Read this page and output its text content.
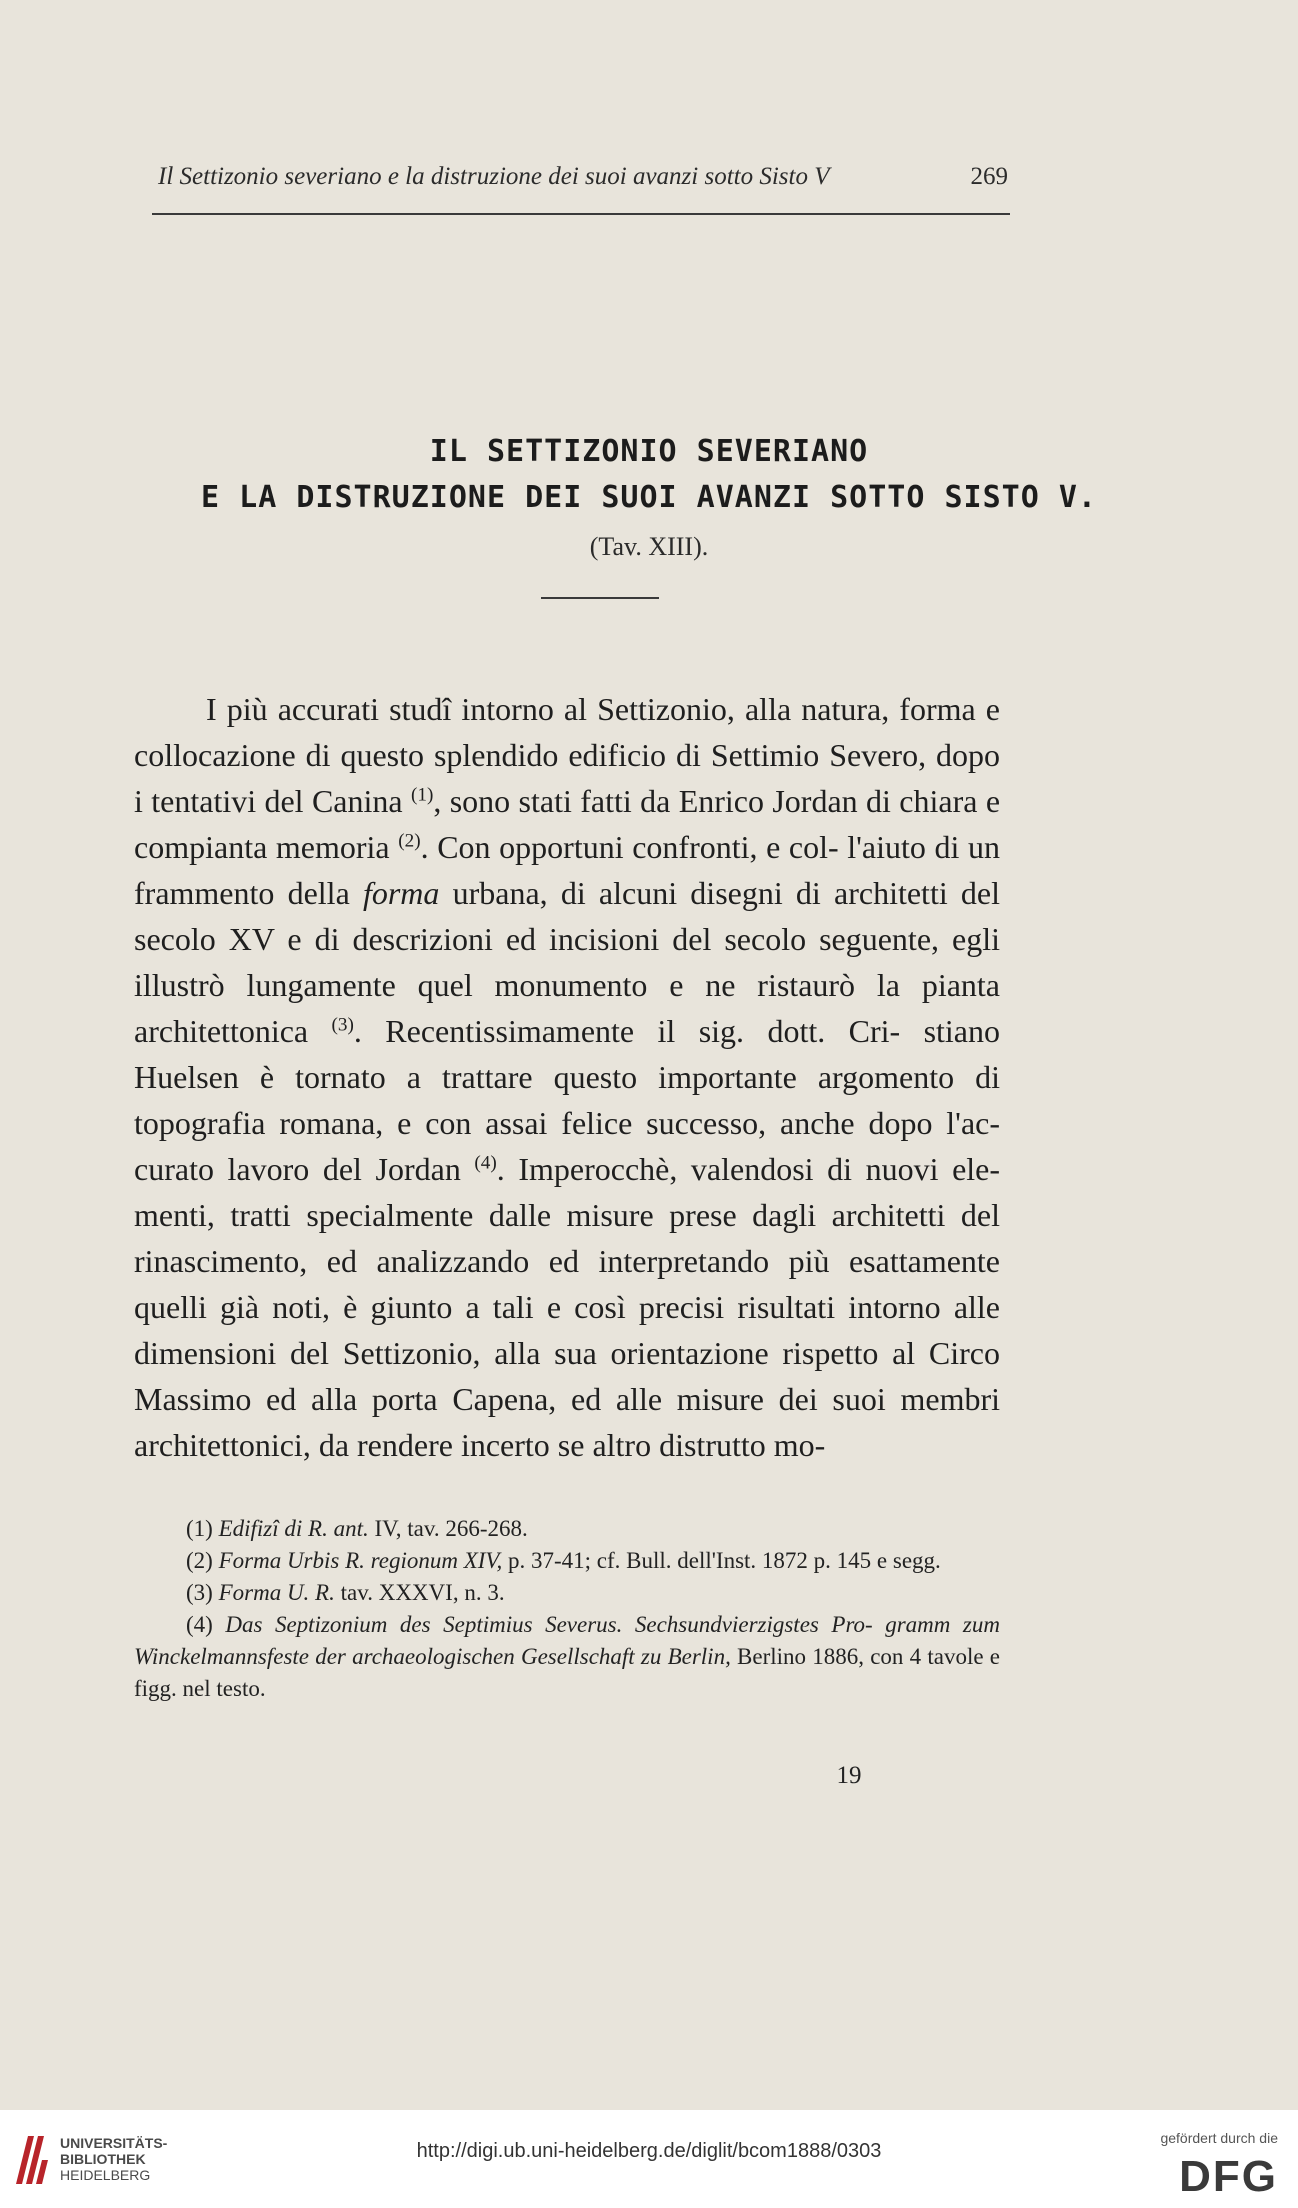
Il Settizonio severiano e la distruzione dei suoi avanzi sotto Sisto V	269
IL SETTIZONIO SEVERIANO
E LA DISTRUZIONE DEI SUOI AVANZI SOTTO SISTO V.
(Tav. XIII).

I più accurati studî intorno al Settizonio, alla natura, forma e collocazione di questo splendido edificio di Settimio Severo, dopo i tentativi del Canina $^{(1)}$, sono stati fatti da Enrico Jordan di chiara e compianta memoria $^{(2)}$. Con opportuni confronti, e col- l'aiuto di un frammento della forma urbana, di alcuni disegni di architetti del secolo XV e di descrizioni ed incisioni del secolo seguente, egli illustrò lungamente quel monumento e ne ristaurò la pianta architettonica $^{(3)}$. Recentissimamente il sig. dott. Cri- stiano Huelsen è tornato a trattare questo importante argomento di topografia romana, e con assai felice successo, anche dopo l'ac- curato lavoro del Jordan $^{(4)}$. Imperocchè, valendosi di nuovi ele- menti, tratti specialmente dalle misure prese dagli architetti del rinascimento, ed analizzando ed interpretando più esattamente quelli già noti, è giunto a tali e così precisi risultati intorno alle dimensioni del Settizonio, alla sua orientazione rispetto al Circo Massimo ed alla porta Capena, ed alle misure dei suoi membri architettonici, da rendere incerto se altro distrutto mo-

(1) Edifizî di R. ant. IV, tav. 266-268.

(2) Forma Urbis R. regionum XIV, p. 37-41; cf. Bull. dell'Inst. 1872 p. 145 e segg.

(3) Forma U. R. tav. XXXVI, n. 3.

(4) Das Septizonium des Septimius Severus. Sechsundvierzigstes Pro- gramm zum Winckelmannsfeste der archaeologischen Gesellschaft zu Berlin, Berlino 1886, con 4 tavole e figg. nel testo.

19
UNIVERSITÄTS-
BIBLIOTHEK
HEIDELBERG
http://digi.ub.uni-heidelberg.de/diglit/bcom1888/0303
gefördert durch die
DFG
